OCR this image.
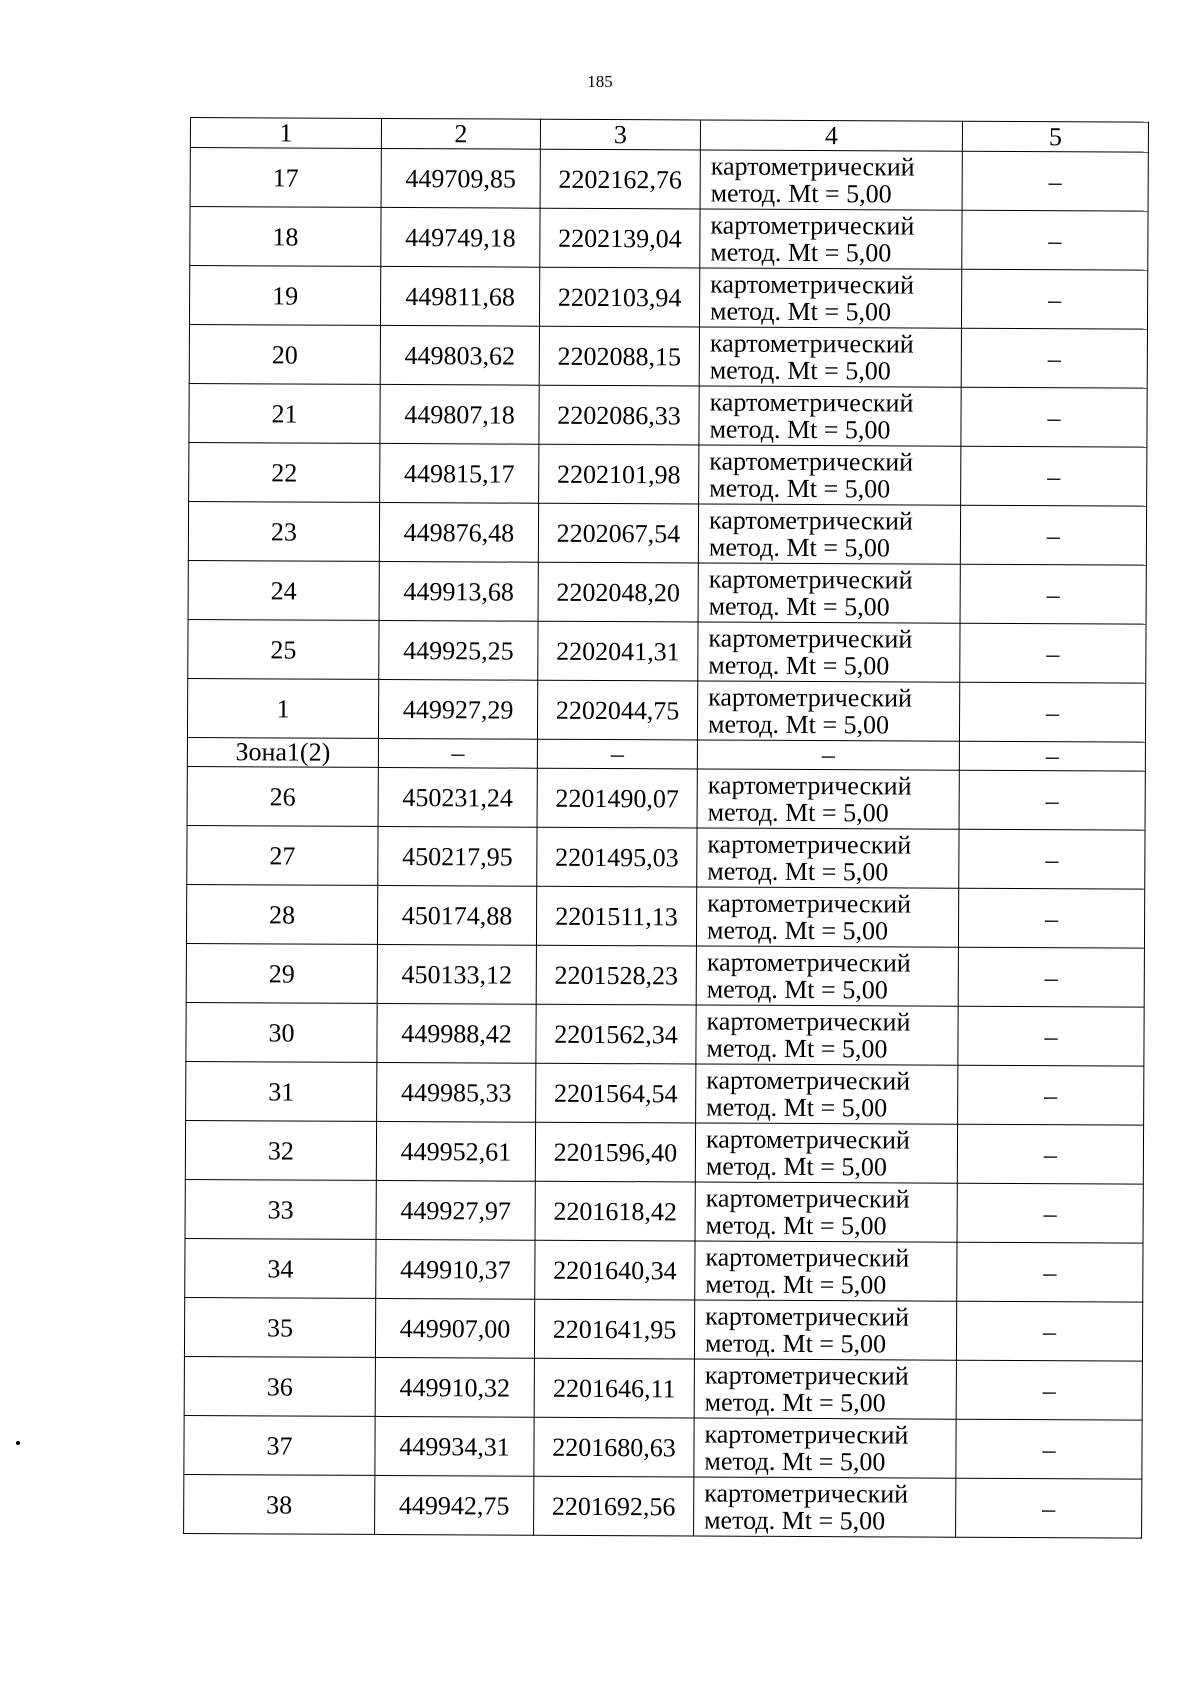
185
1	2	3	4	5
17	449709,85	2202162,76	картометрический
метод. Mt = 5,00	–
18	449749,18	2202139,04	картометрический
метод. Mt = 5,00	–
19	449811,68	2202103,94	картометрический
метод. Mt = 5,00	–
20	449803,62	2202088,15	картометрический
метод. Mt = 5,00	–
21	449807,18	2202086,33	картометрический
метод. Mt = 5,00	–
22	449815,17	2202101,98	картометрический
метод. Mt = 5,00	–
23	449876,48	2202067,54	картометрический
метод. Mt = 5,00	–
24	449913,68	2202048,20	картометрический
метод. Mt = 5,00	–
25	449925,25	2202041,31	картометрический
метод. Mt = 5,00	–
1	449927,29	2202044,75	картометрический
метод. Mt = 5,00	–
Зона1(2)	–	–	–	–
26	450231,24	2201490,07	картометрический
метод. Mt = 5,00	–
27	450217,95	2201495,03	картометрический
метод. Mt = 5,00	–
28	450174,88	2201511,13	картометрический
метод. Mt = 5,00	–
29	450133,12	2201528,23	картометрический
метод. Mt = 5,00	–
30	449988,42	2201562,34	картометрический
метод. Mt = 5,00	–
31	449985,33	2201564,54	картометрический
метод. Mt = 5,00	–
32	449952,61	2201596,40	картометрический
метод. Mt = 5,00	–
33	449927,97	2201618,42	картометрический
метод. Mt = 5,00	–
34	449910,37	2201640,34	картометрический
метод. Mt = 5,00	–
35	449907,00	2201641,95	картометрический
метод. Mt = 5,00	–
36	449910,32	2201646,11	картометрический
метод. Mt = 5,00	–
37	449934,31	2201680,63	картометрический
метод. Mt = 5,00	–
38	449942,75	2201692,56	картометрический
метод. Mt = 5,00	–
